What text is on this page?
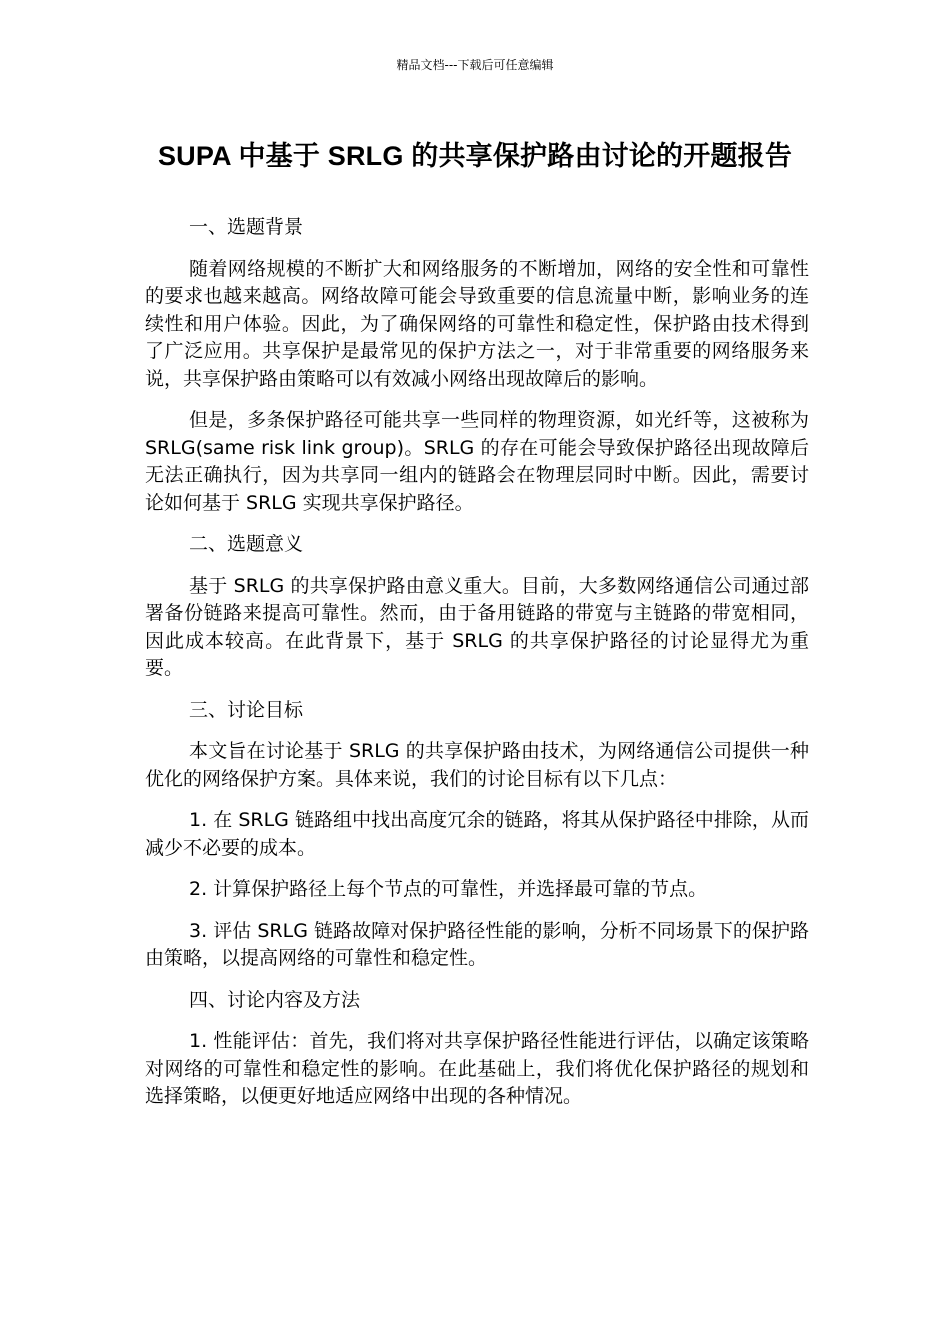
精品文档---下载后可任意编辑
SUPA 中基于 SRLG 的共享保护路由讨论的开题报告

一、选题背景

随着网络规模的不断扩大和网络服务的不断增加，网络的安全性和可靠性的要求也越来越高。网络故障可能会导致重要的信息流量中断，影响业务的连续性和用户体验。因此，为了确保网络的可靠性和稳定性，保护路由技术得到了广泛应用。共享保护是最常见的保护方法之一，对于非常重要的网络服务来说，共享保护路由策略可以有效减小网络出现故障后的影响。

但是，多条保护路径可能共享一些同样的物理资源，如光纤等，这被称为 SRLG(same risk link group)。SRLG 的存在可能会导致保护路径出现故障后无法正确执行，因为共享同一组内的链路会在物理层同时中断。因此，需要讨论如何基于 SRLG 实现共享保护路径。

二、选题意义

基于 SRLG 的共享保护路由意义重大。目前，大多数网络通信公司通过部署备份链路来提高可靠性。然而，由于备用链路的带宽与主链路的带宽相同，因此成本较高。在此背景下，基于 SRLG 的共享保护路径的讨论显得尤为重要。

三、讨论目标

本文旨在讨论基于 SRLG 的共享保护路由技术，为网络通信公司提供一种优化的网络保护方案。具体来说，我们的讨论目标有以下几点：

1. 在 SRLG 链路组中找出高度冗余的链路，将其从保护路径中排除，从而减少不必要的成本。

2. 计算保护路径上每个节点的可靠性，并选择最可靠的节点。

3. 评估 SRLG 链路故障对保护路径性能的影响，分析不同场景下的保护路由策略，以提高网络的可靠性和稳定性。

四、讨论内容及方法

1. 性能评估：首先，我们将对共享保护路径性能进行评估，以确定该策略对网络的可靠性和稳定性的影响。在此基础上，我们将优化保护路径的规划和选择策略，以便更好地适应网络中出现的各种情况。
